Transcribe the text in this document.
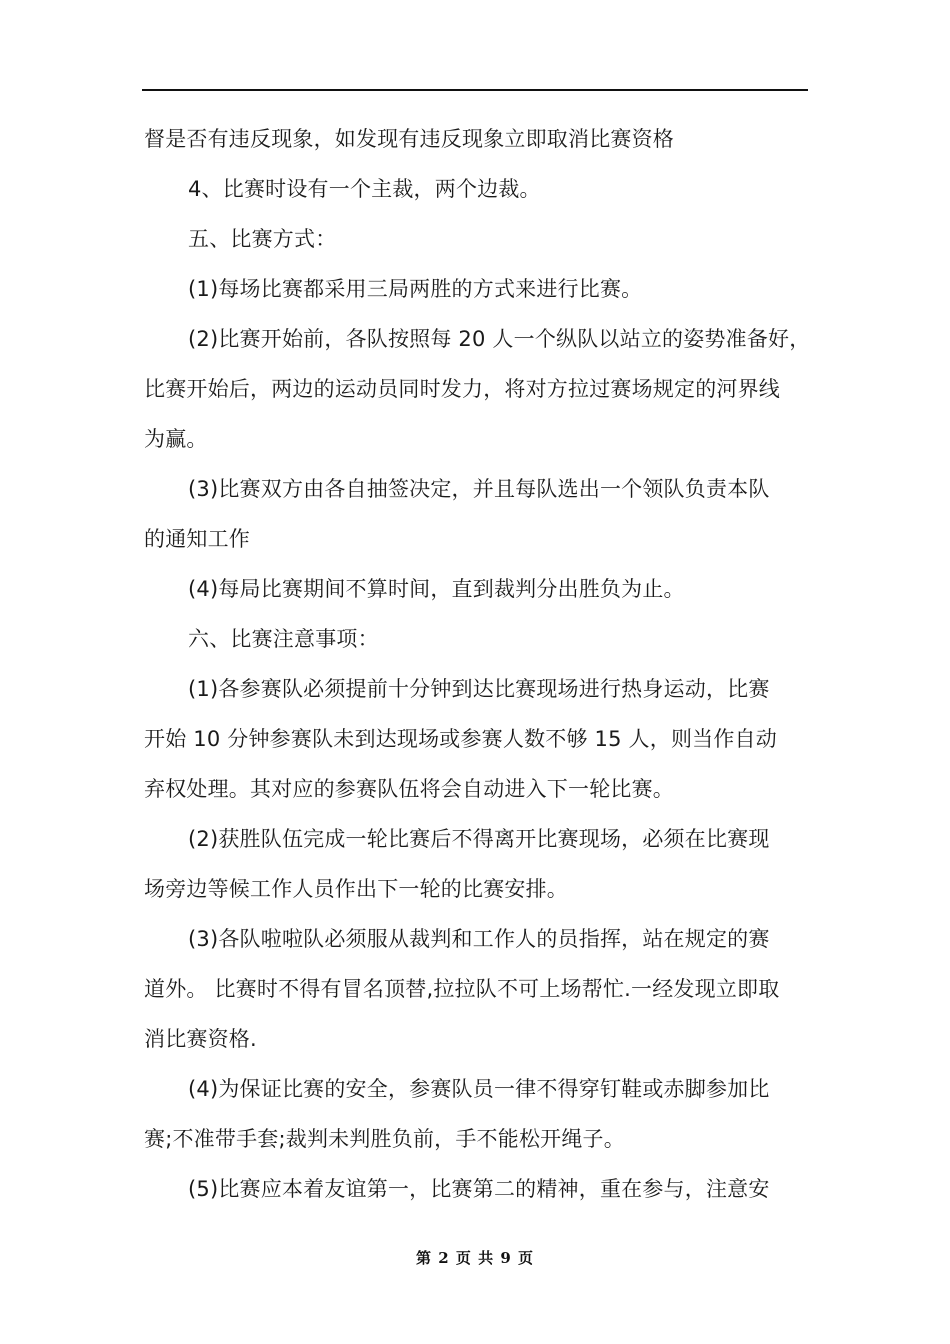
督是否有违反现象，如发现有违反现象立即取消比赛资格
4、比赛时设有一个主裁，两个边裁。
五、比赛方式：
(1)每场比赛都采用三局两胜的方式来进行比赛。
(2)比赛开始前，各队按照每 20 人一个纵队以站立的姿势准备好，
比赛开始后，两边的运动员同时发力，将对方拉过赛场规定的河界线
为赢。
(3)比赛双方由各自抽签决定，并且每队选出一个领队负责本队
的通知工作
(4)每局比赛期间不算时间，直到裁判分出胜负为止。
六、比赛注意事项：
(1)各参赛队必须提前十分钟到达比赛现场进行热身运动，比赛
开始 10 分钟参赛队未到达现场或参赛人数不够 15 人，则当作自动
弃权处理。其对应的参赛队伍将会自动进入下一轮比赛。
(2)获胜队伍完成一轮比赛后不得离开比赛现场，必须在比赛现
场旁边等候工作人员作出下一轮的比赛安排。
(3)各队啦啦队必须服从裁判和工作人的员指挥，站在规定的赛
道外。 比赛时不得有冒名顶替,拉拉队不可上场帮忙.一经发现立即取
消比赛资格.
(4)为保证比赛的安全，参赛队员一律不得穿钉鞋或赤脚参加比
赛;不准带手套;裁判未判胜负前，手不能松开绳子。
(5)比赛应本着友谊第一，比赛第二的精神，重在参与，注意安
第 2 页 共 9 页
